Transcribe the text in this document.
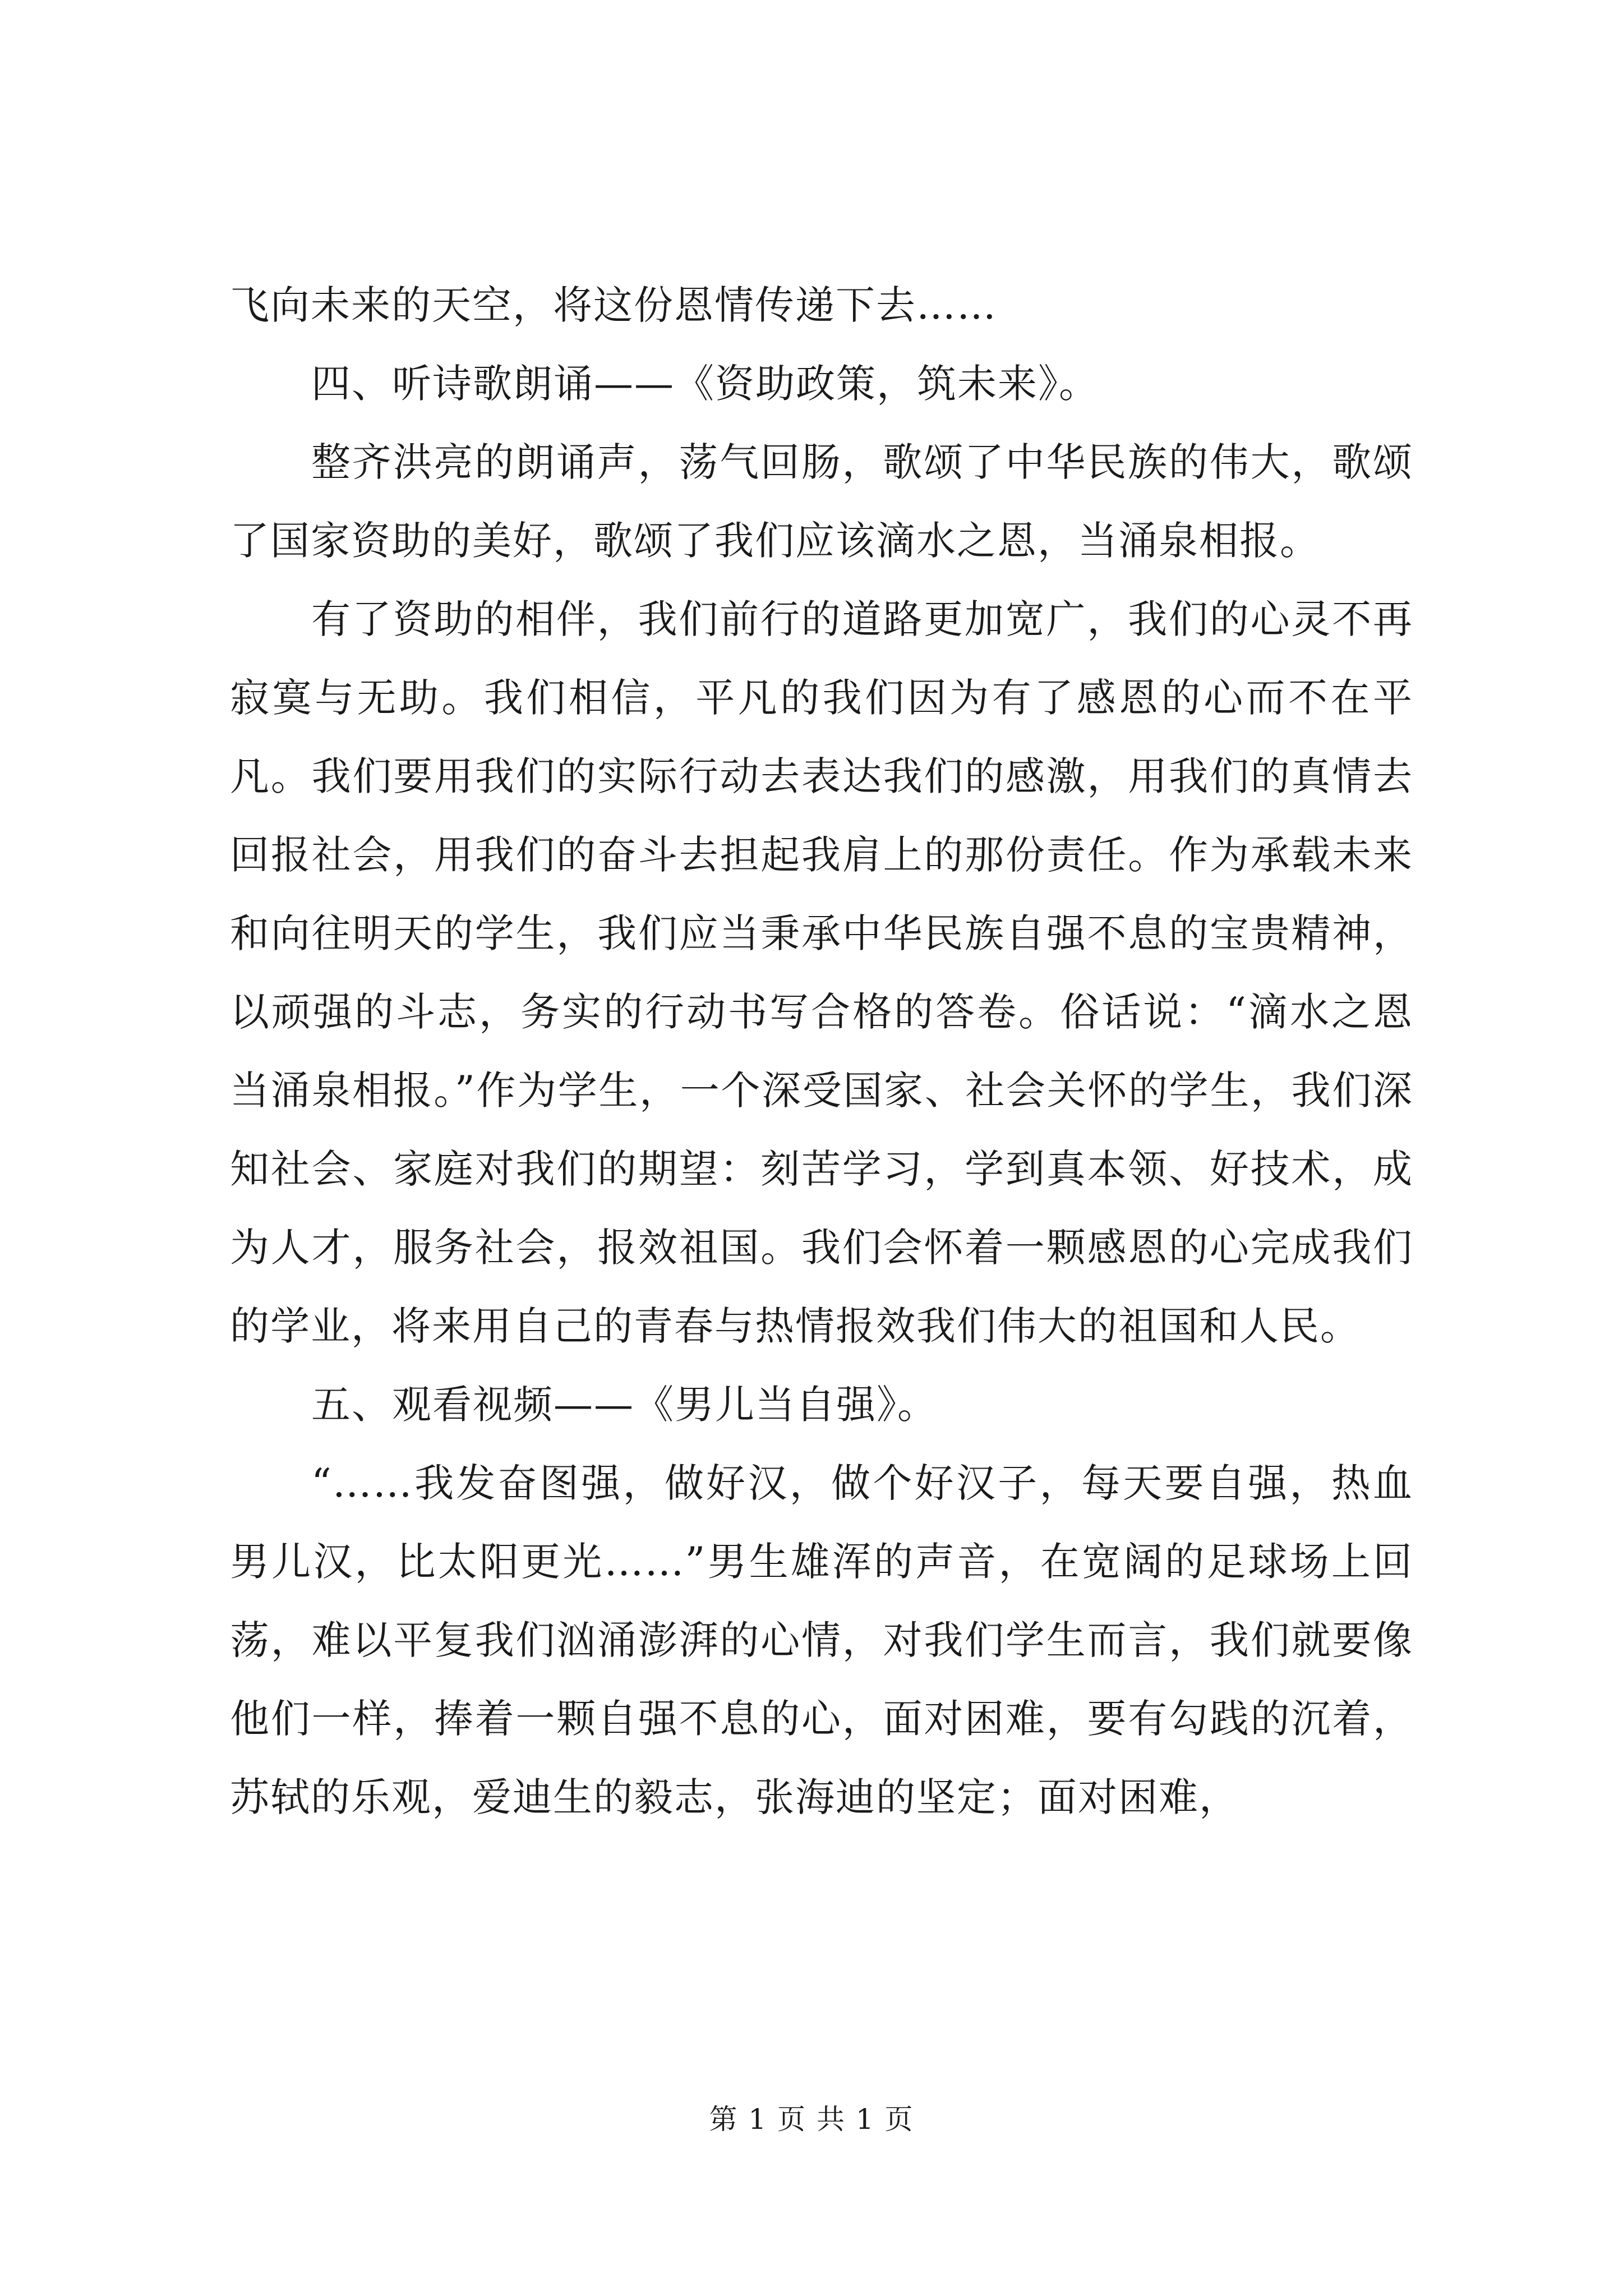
飞向未来的天空，将这份恩情传递下去……

四、听诗歌朗诵——《资助政策，筑未来》。

整齐洪亮的朗诵声，荡气回肠，歌颂了中华民族的伟大，歌颂了国家资助的美好，歌颂了我们应该滴水之恩，当涌泉相报。

有了资助的相伴，我们前行的道路更加宽广，我们的心灵不再寂寞与无助。我们相信，平凡的我们因为有了感恩的心而不在平凡。我们要用我们的实际行动去表达我们的感激，用我们的真情去回报社会，用我们的奋斗去担起我肩上的那份责任。作为承载未来和向往明天的学生，我们应当秉承中华民族自强不息的宝贵精神，以顽强的斗志，务实的行动书写合格的答卷。俗话说：“滴水之恩当涌泉相报。”作为学生，一个深受国家、社会关怀的学生，我们深知社会、家庭对我们的期望：刻苦学习，学到真本领、好技术，成为人才，服务社会，报效祖国。我们会怀着一颗感恩的心完成我们的学业，将来用自己的青春与热情报效我们伟大的祖国和人民。

五、观看视频——《男儿当自强》。

“……我发奋图强，做好汉，做个好汉子，每天要自强，热血男儿汉，比太阳更光……”男生雄浑的声音，在宽阔的足球场上回荡，难以平复我们汹涌澎湃的心情，对我们学生而言，我们就要像他们一样，捧着一颗自强不息的心，面对困难，要有勾践的沉着，苏轼的乐观，爱迪生的毅志，张海迪的坚定；面对困难，

第 1 页 共 1 页
